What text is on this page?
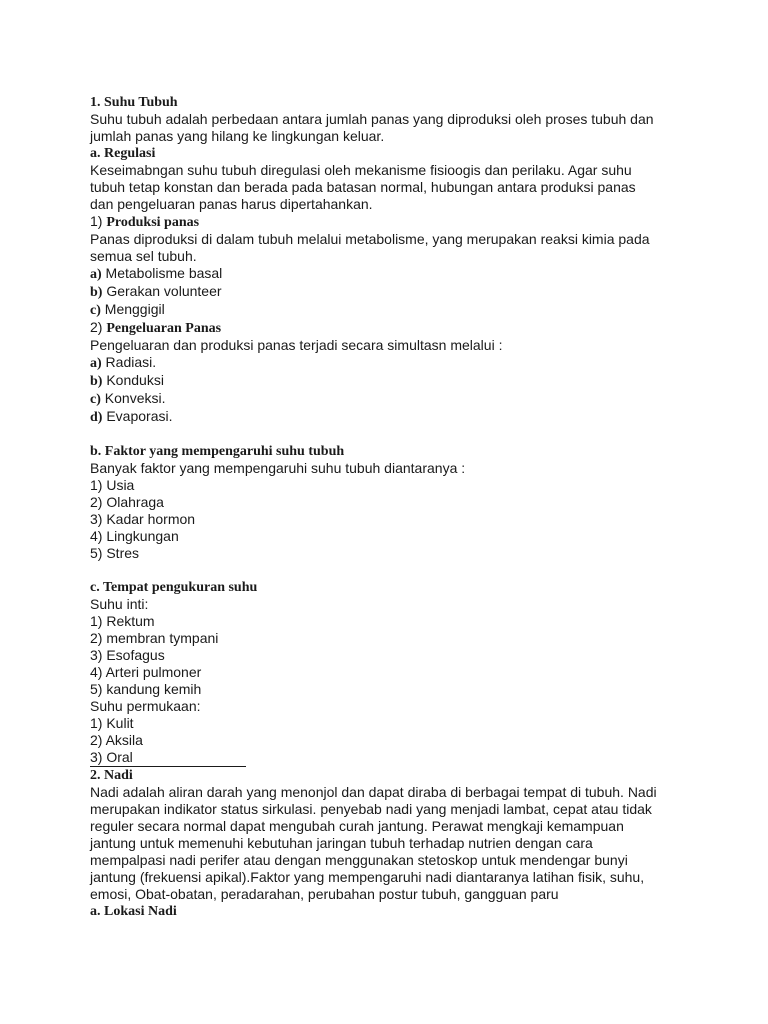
1. Suhu Tubuh
Suhu tubuh adalah perbedaan antara jumlah panas yang diproduksi oleh proses tubuh dan
jumlah panas yang hilang ke lingkungan keluar.
a. Regulasi
Keseimabngan suhu tubuh diregulasi oleh mekanisme fisioogis dan perilaku. Agar suhu
tubuh tetap konstan dan berada pada batasan normal, hubungan antara produksi panas
dan pengeluaran panas harus dipertahankan.
1) Produksi panas
Panas diproduksi di dalam tubuh melalui metabolisme, yang merupakan reaksi kimia pada
semua sel tubuh.
a) Metabolisme basal
b) Gerakan volunteer
c) Menggigil
2) Pengeluaran Panas
Pengeluaran dan produksi panas terjadi secara simultasn melalui :
a) Radiasi.
b) Konduksi
c) Konveksi.
d) Evaporasi.
b. Faktor yang mempengaruhi suhu tubuh
Banyak faktor yang mempengaruhi suhu tubuh diantaranya :
1) Usia
2) Olahraga
3) Kadar hormon
4) Lingkungan
5) Stres
c. Tempat pengukuran suhu
Suhu inti:
1) Rektum
2) membran tympani
3) Esofagus
4) Arteri pulmoner
5) kandung kemih
Suhu permukaan:
1) Kulit
2) Aksila
3) Oral
2. Nadi
Nadi adalah aliran darah yang menonjol dan dapat diraba di berbagai tempat di tubuh. Nadi
merupakan indikator status sirkulasi. penyebab nadi yang menjadi lambat, cepat atau tidak
reguler secara normal dapat mengubah curah jantung. Perawat mengkaji kemampuan
jantung untuk memenuhi kebutuhan jaringan tubuh terhadap nutrien dengan cara
mempalpasi nadi perifer atau dengan menggunakan stetoskop untuk mendengar bunyi
jantung (frekuensi apikal).Faktor yang mempengaruhi nadi diantaranya latihan fisik, suhu,
emosi, Obat-obatan, peradarahan, perubahan postur tubuh, gangguan paru
a. Lokasi Nadi
